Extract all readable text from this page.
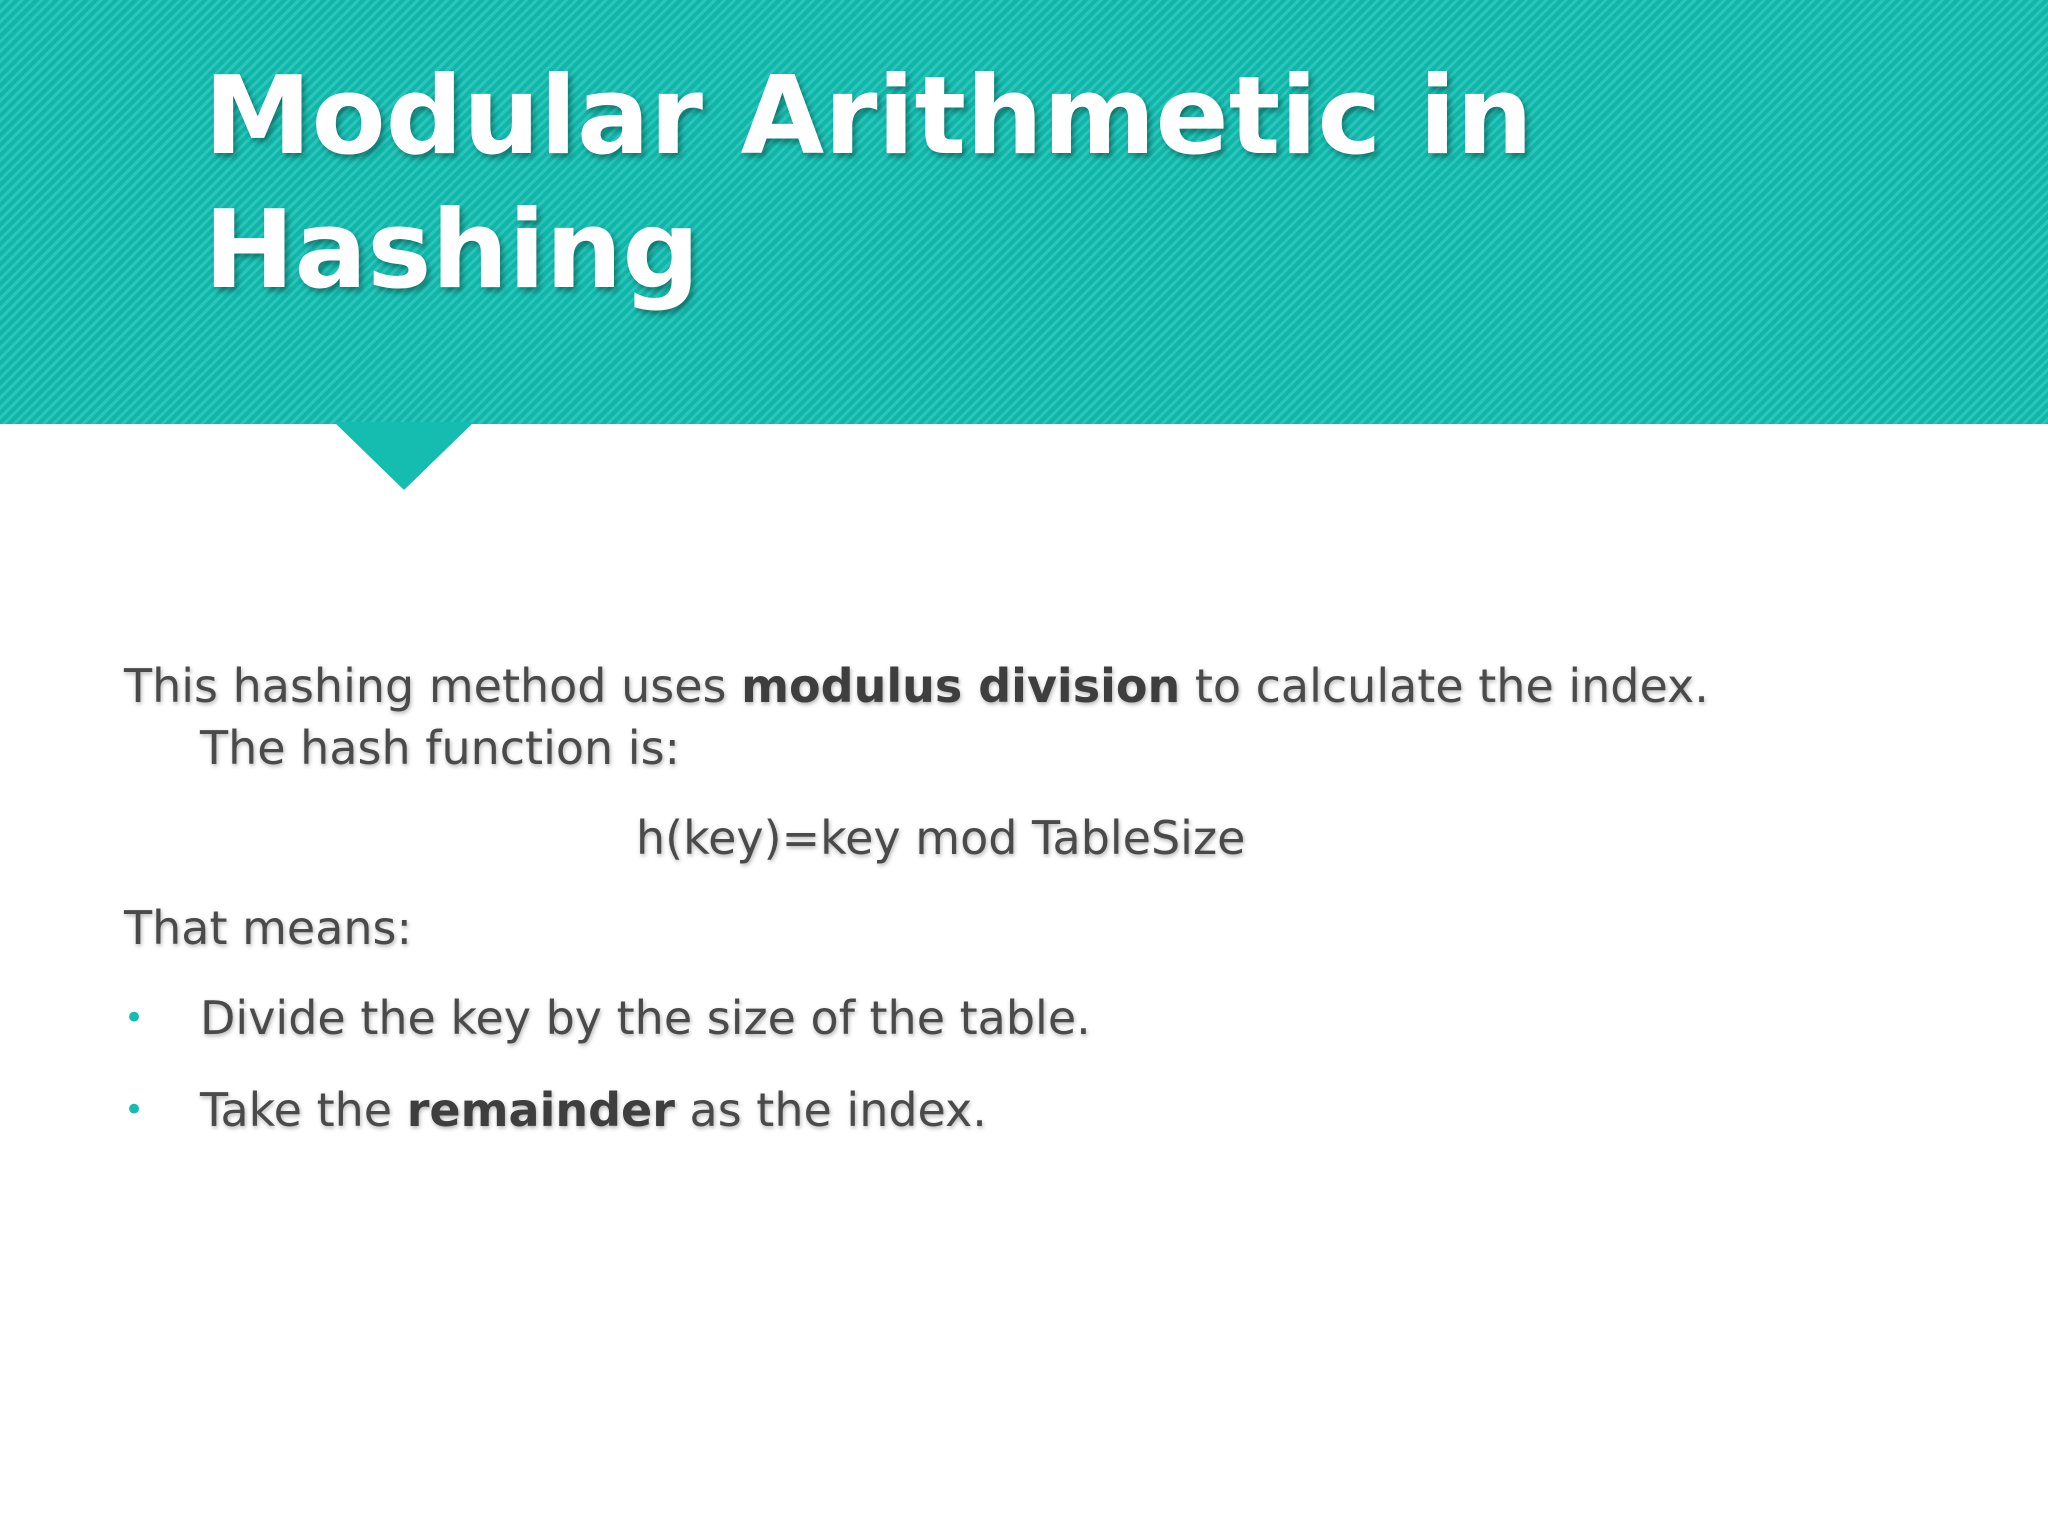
Modular Arithmetic in
Hashing

This hashing method uses modulus division to calculate the index.
The hash function is:

h(key)=key mod TableSize

That means:

• Divide the key by the size of the table.
• Take the remainder as the index.
